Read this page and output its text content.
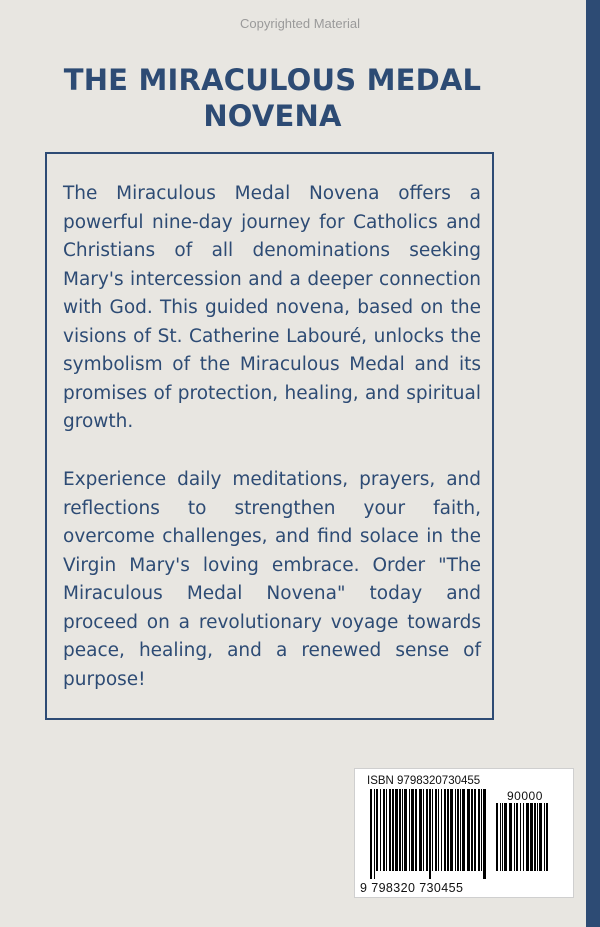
Copyrighted Material
THE MIRACULOUS MEDAL
NOVENA

The Miraculous Medal Novena offers a powerful nine-day journey for Catholics and Christians of all denominations seeking Mary's intercession and a deeper connection with God. This guided novena, based on the visions of St. Catherine Labouré, unlocks the symbolism of the Miraculous Medal and its promises of protection, healing, and spiritual growth.

Experience daily meditations, prayers, and reflections to strengthen your faith, overcome challenges, and find solace in the Virgin Mary's loving embrace. Order "The Miraculous Medal Novena" today and proceed on a revolutionary voyage towards peace, healing, and a renewed sense of purpose!

ISBN 9798320730455
90000
9 798320 730455
